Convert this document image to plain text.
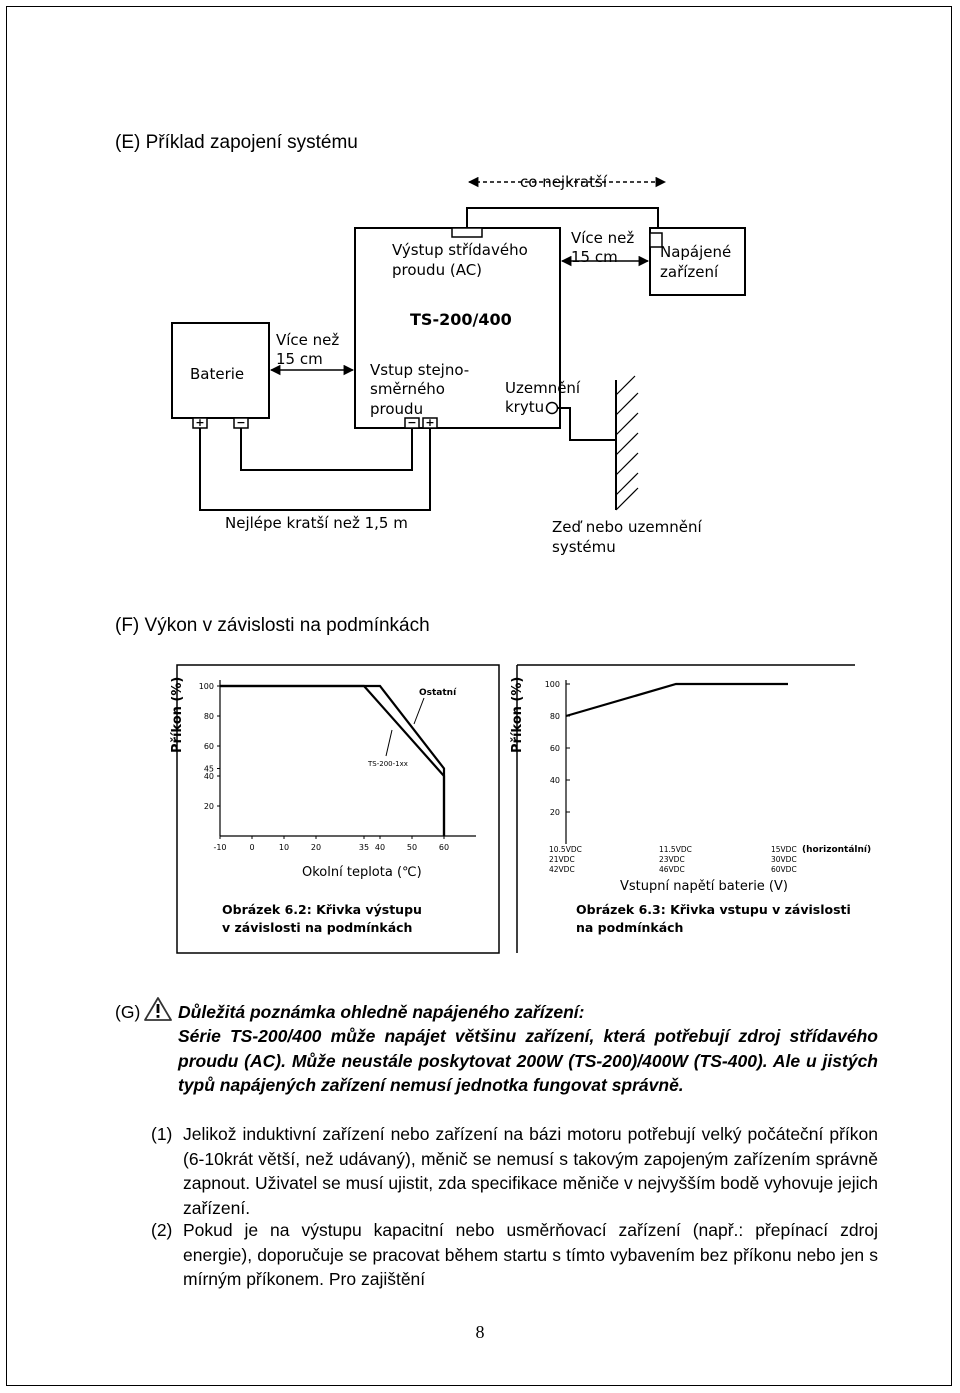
(E) Příklad zapojení systému
+	−	− +
co nejkratší
Výstup střídavého
proudu (AC)
Více než
15 cm	Napájené
zařízení
TS-200/400
Baterie
Více než
15 cm
Vstup stejno-
směrného
proudu
Uzemnění
krytu
Nejlépe kratší než 1,5 m	Zeď nebo uzemnění
systému
(F) Výkon v závislosti na podmínkách
100
80
60
45
40
20
-10	0	10	20	35 40	50	60
Ostatní
TS-200-1xx
Příkon (%)
Okolní teplota (℃)
Obrázek 6.2: Křivka výstupu
v závislosti na podmínkách
100
80
60
40
20
10.5VDC
21VDC
42VDC
11.5VDC
23VDC
46VDC
15VDC
30VDC
60VDC
(horizontální)
Příkon (%)
Vstupní napětí baterie (V)
Obrázek 6.3: Křivka vstupu v závislosti
na podmínkách
(G) Důležitá poznámka ohledně napájeného zařízení:
Série TS-200/400 může napájet většinu zařízení, která potřebují zdroj střídavého proudu (AC). Může neustále poskytovat 200W (TS-200)/400W (TS-400). Ale u jistých typů napájených zařízení nemusí jednotka fungovat správně.
(1) Jelikož induktivní zařízení nebo zařízení na bázi motoru potřebují velký počáteční příkon (6-10krát větší, než udávaný), měnič se nemusí s takovým zapojeným zařízením správně zapnout. Uživatel se musí ujistit, zda specifikace měniče v nejvyšším bodě vyhovuje jejich zařízení.
(2) Pokud je na výstupu kapacitní nebo usměrňovací zařízení (např.: přepínací zdroj energie), doporučuje se pracovat během startu s tímto vybavením bez příkonu nebo jen s mírným příkonem. Pro zajištění
8
